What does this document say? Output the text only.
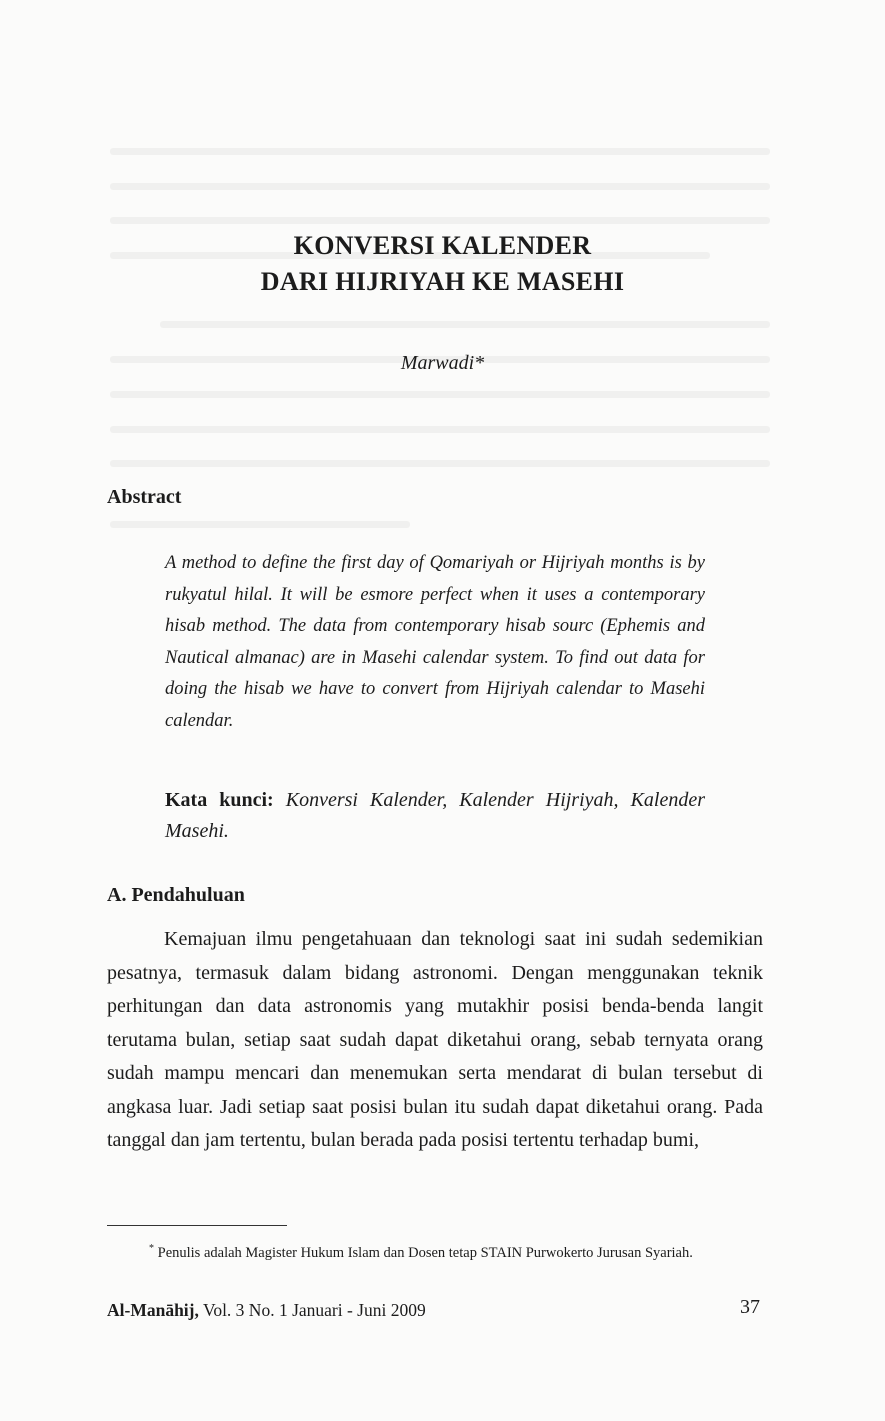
KONVERSI KALENDER
DARI HIJRIYAH KE MASEHI
Marwadi*
Abstract
A method to define the first day of Qomariyah or Hijriyah months is by rukyatul hilal. It will be esmore perfect when it uses a contemporary hisab method. The data from contemporary hisab sourc (Ephemis and Nautical almanac) are in Masehi calendar system. To find out data for doing the hisab we have to convert from Hijriyah calendar to Masehi calendar.
Kata kunci: Konversi Kalender, Kalender Hijriyah, Kalender Masehi.
A. Pendahuluan
Kemajuan ilmu pengetahuaan dan teknologi saat ini sudah sedemikian pesatnya, termasuk dalam bidang astronomi. Dengan menggunakan teknik perhitungan dan data astronomis yang mutakhir posisi benda-benda langit terutama bulan, setiap saat sudah dapat diketahui orang, sebab ternyata orang sudah mampu mencari dan menemukan serta mendarat di bulan tersebut di angkasa luar. Jadi setiap saat posisi bulan itu sudah dapat diketahui orang. Pada tanggal dan jam tertentu, bulan berada pada posisi tertentu terhadap bumi,
* Penulis adalah Magister Hukum Islam dan Dosen tetap STAIN Purwokerto Jurusan Syariah.
Al-Manāhij, Vol. 3 No. 1 Januari - Juni 2009	37
